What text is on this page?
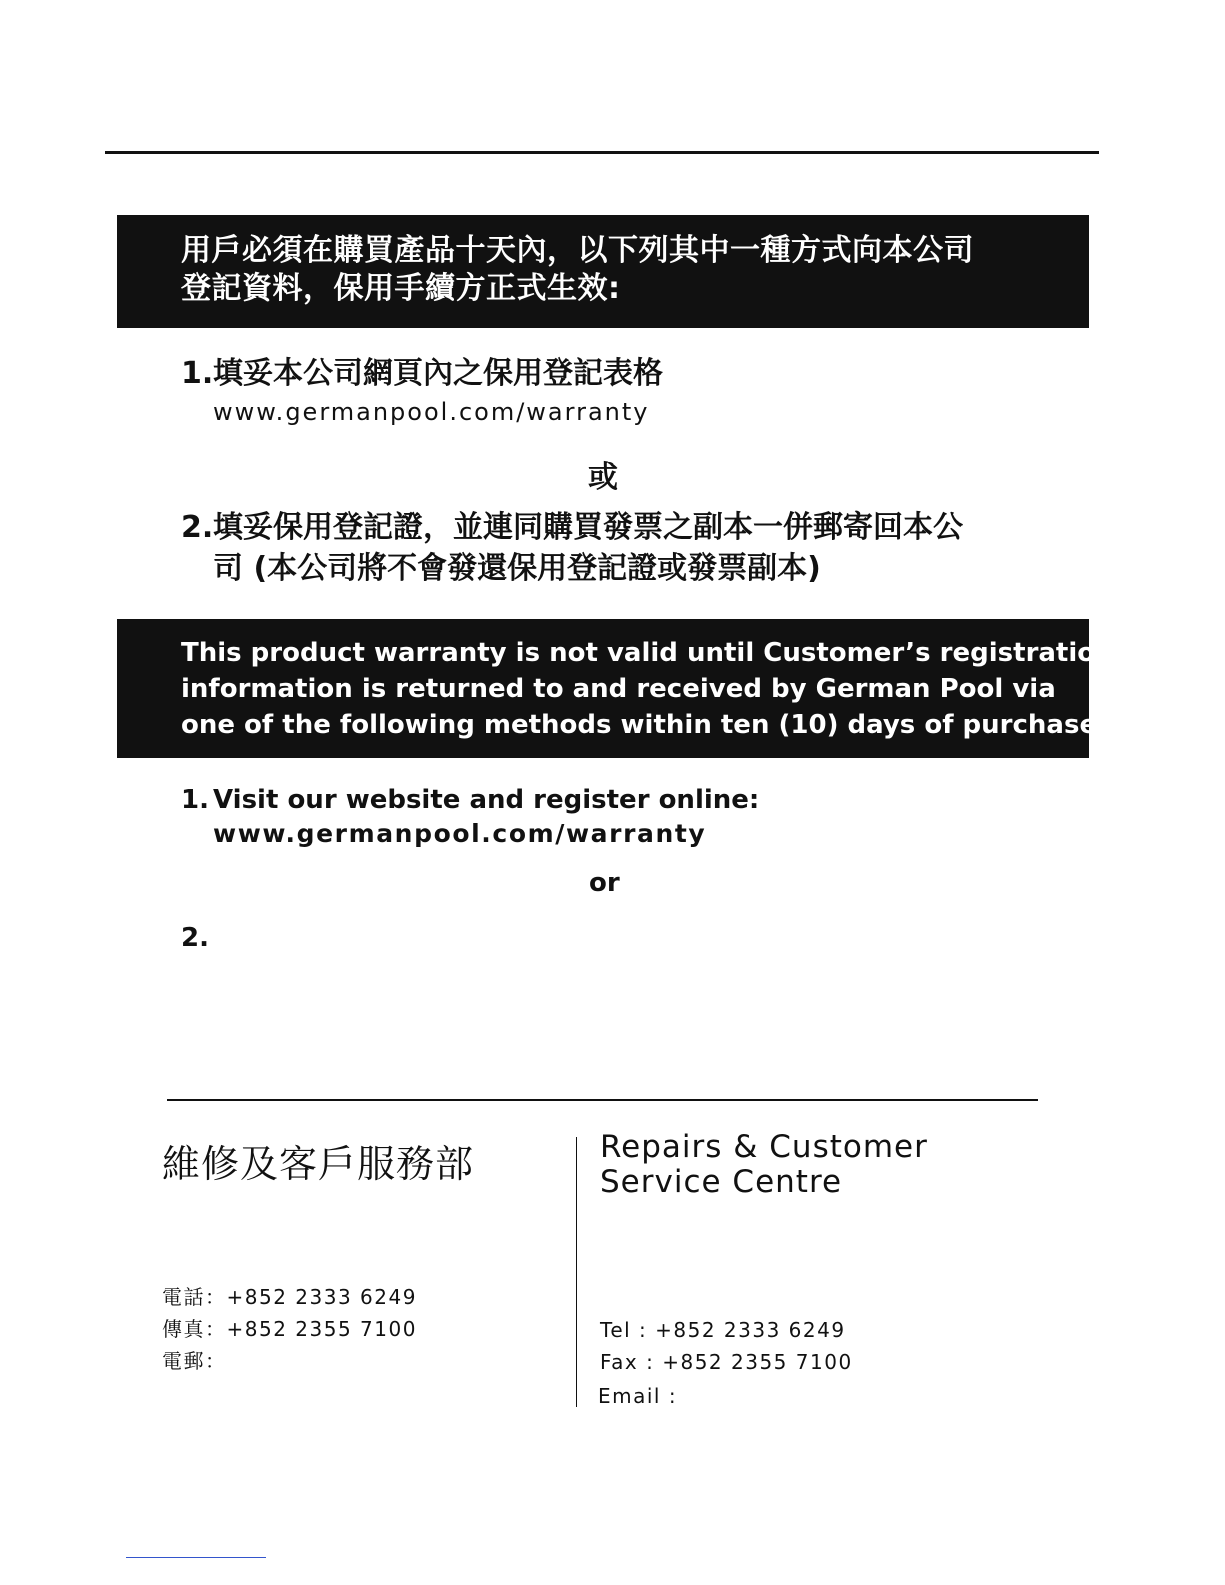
用戶必須在購買產品十天內，以下列其中一種方式向本公司
登記資料，保用手續方正式生效:
1.填妥本公司網頁內之保用登記表格
www.germanpool.com/warranty
或
2.填妥保用登記證，並連同購買發票之副本一併郵寄回本公
司 (本公司將不會發還保用登記證或發票副本)
This product warranty is not valid until Customer’s registration
information is returned to and received by German Pool via
one of the following methods within ten (10) days of purchase:
1. Visit our website and register online:
www.germanpool.com/warranty
or
2.
維修及客戶服務部
電話：+852 2333 6249
傳真：+852 2355 7100
電郵：
Repairs & Customer
Service Centre
Tel : +852 2333 6249
Fax : +852 2355 7100
Email :
